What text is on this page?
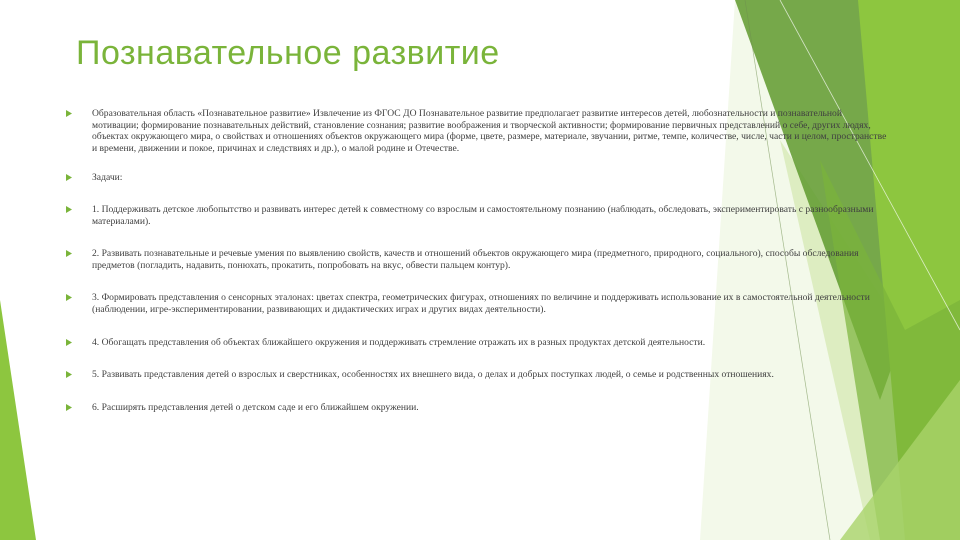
Познавательное развитие
Образовательная область «Познавательное развитие» Извлечение из ФГОС ДО Познавательное развитие предполагает развитие интересов детей, любознательности и познавательной мотивации; формирование познавательных действий, становление сознания; развитие воображения и творческой активности; формирование первичных представлений о себе, других людях, объектах окружающего мира, о свойствах и отношениях объектов окружающего мира (форме, цвете, размере, материале, звучании, ритме, темпе, количестве, числе, части и целом, пространстве и времени, движении и покое, причинах и следствиях и др.), о малой родине и Отечестве.
Задачи:
1. Поддерживать детское любопытство и развивать интерес детей к совместному со взрослым и самостоятельному познанию (наблюдать, обследовать, экспериментировать с разнообразными материалами).
2. Развивать познавательные и речевые умения по выявлению свойств, качеств и отношений объектов окружающего мира (предметного, природного, социального), способы обследования предметов (погладить, надавить, понюхать, прокатить, попробовать на вкус, обвести пальцем контур).
3. Формировать представления о сенсорных эталонах: цветах спектра, геометрических фигурах, отношениях по величине и поддерживать использование их в самостоятельной деятельности (наблюдении, игре-экспериментировании, развивающих и дидактических играх и других видах деятельности).
4. Обогащать представления об объектах ближайшего окружения и поддерживать стремление отражать их в разных продуктах детской деятельности.
5. Развивать представления детей о взрослых и сверстниках, особенностях их внешнего вида, о делах и добрых поступках людей, о семье и родственных отношениях.
6. Расширять представления детей о детском саде и его ближайшем окружении.
